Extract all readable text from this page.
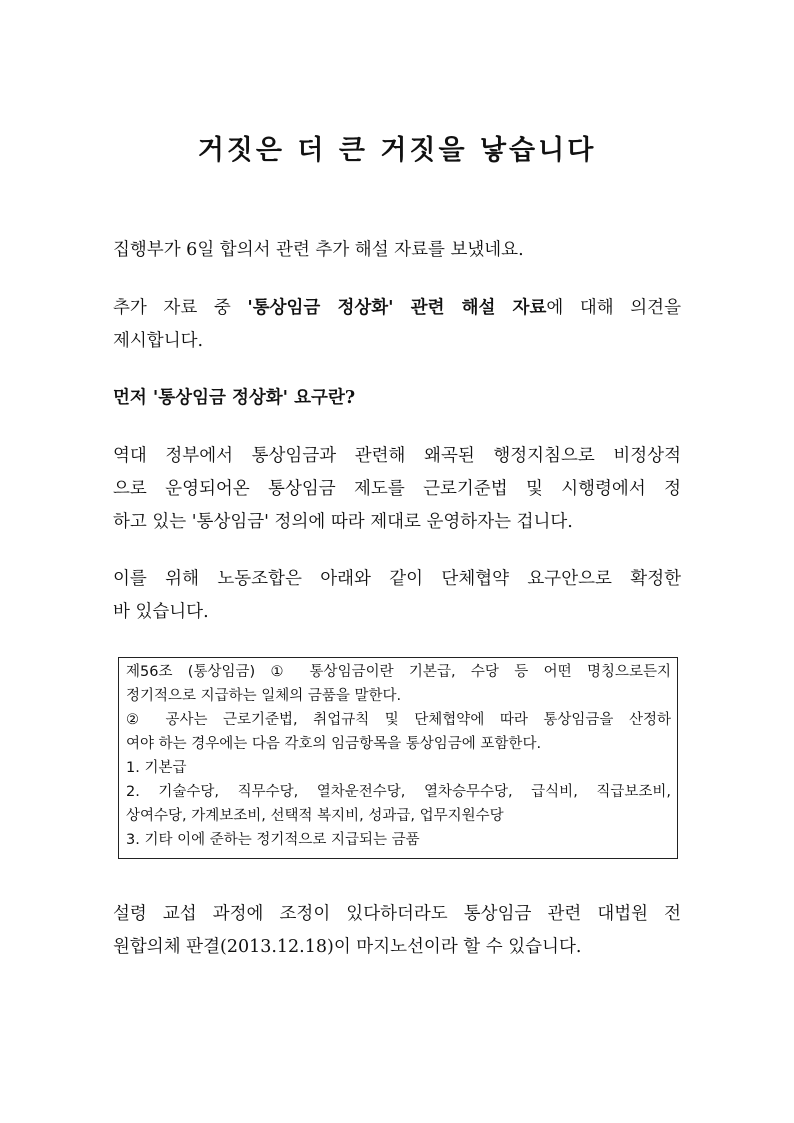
거짓은 더 큰 거짓을 낳습니다

집행부가 6일 합의서 관련 추가 해설 자료를 보냈네요.

추가 자료 중 '통상임금 정상화' 관련 해설 자료에 대해 의견을
제시합니다.

먼저 '통상임금 정상화' 요구란?

역대 정부에서 통상임금과 관련해 왜곡된 행정지침으로 비정상적
으로 운영되어온 통상임금 제도를 근로기준법 및 시행령에서 정
하고 있는 '통상임금' 정의에 따라 제대로 운영하자는 겁니다.

이를 위해 노동조합은 아래와 같이 단체협약 요구안으로 확정한
바 있습니다.

제56조 (통상임금) ① 통상임금이란 기본급, 수당 등 어떤 명칭으로든지
정기적으로 지급하는 일체의 금품을 말한다.
② 공사는 근로기준법, 취업규칙 및 단체협약에 따라 통상임금을 산정하
여야 하는 경우에는 다음 각호의 임금항목을 통상임금에 포함한다.
1. 기본급
2. 기술수당, 직무수당, 열차운전수당, 열차승무수당, 급식비, 직급보조비,
상여수당, 가계보조비, 선택적 복지비, 성과급, 업무지원수당
3. 기타 이에 준하는 정기적으로 지급되는 금품

설령 교섭 과정에 조정이 있다하더라도 통상임금 관련 대법원 전
원합의체 판결(2013.12.18)이 마지노선이라 할 수 있습니다.
